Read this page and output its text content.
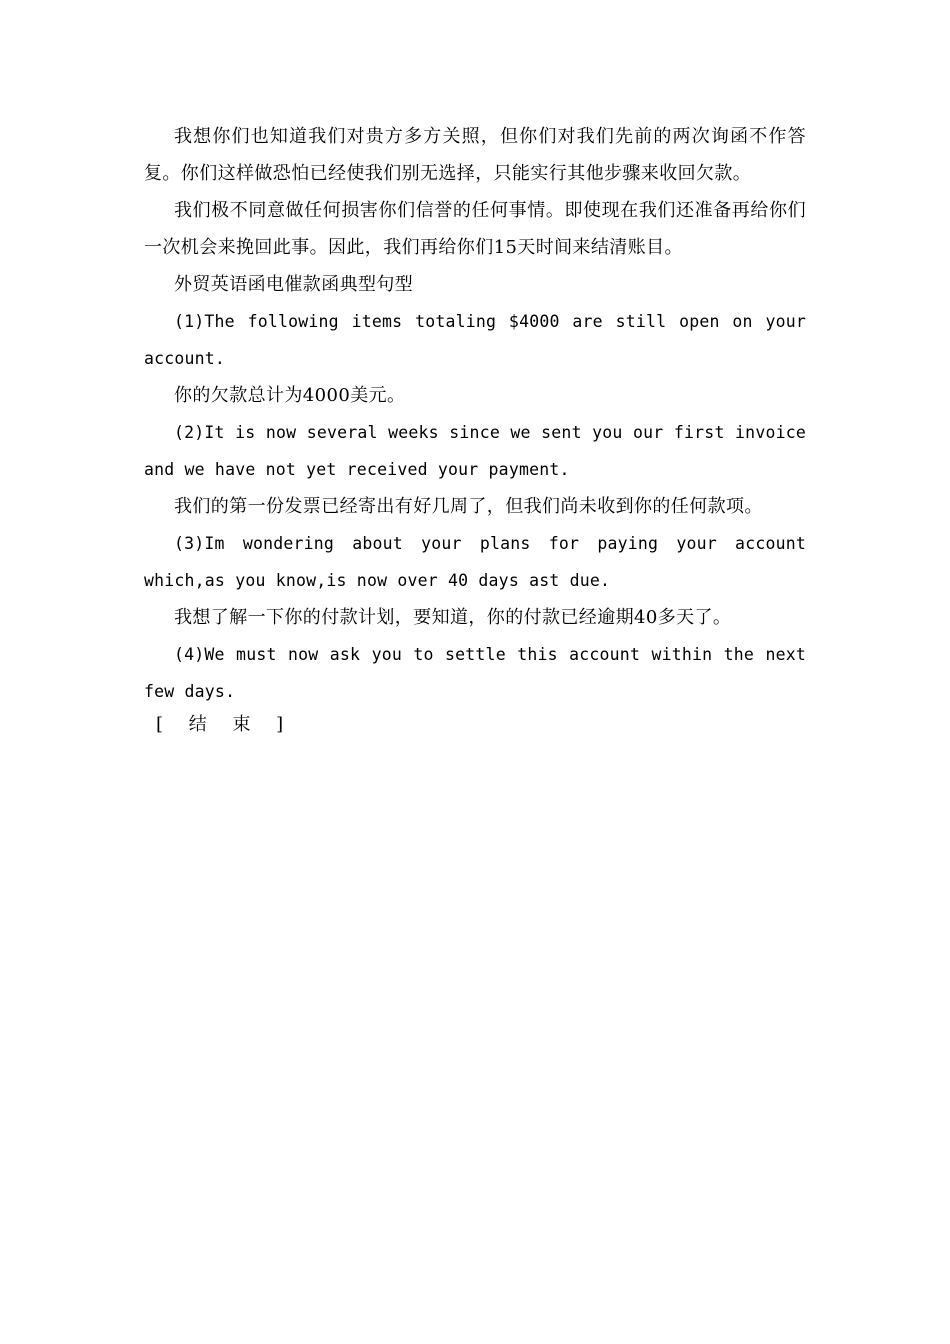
我想你们也知道我们对贵方多方关照，但你们对我们先前的两次询函不作答复。你们这样做恐怕已经使我们别无选择，只能实行其他步骤来收回欠款。

我们极不同意做任何损害你们信誉的任何事情。即使现在我们还准备再给你们一次机会来挽回此事。因此，我们再给你们15天时间来结清账目。

外贸英语函电催款函典型句型

(1)The following items totaling $4000 are still open on your account.

你的欠款总计为4000美元。

(2)It is now several weeks since we sent you our first invoice and we have not yet received your payment.

我们的第一份发票已经寄出有好几周了，但我们尚未收到你的任何款项。

(3)Im wondering about your plans for paying your account which,as you know,is now over 40 days ast due.

我想了解一下你的付款计划，要知道，你的付款已经逾期40多天了。

(4)We must now ask you to settle this account within the next few days.

[ 结 束 ]
